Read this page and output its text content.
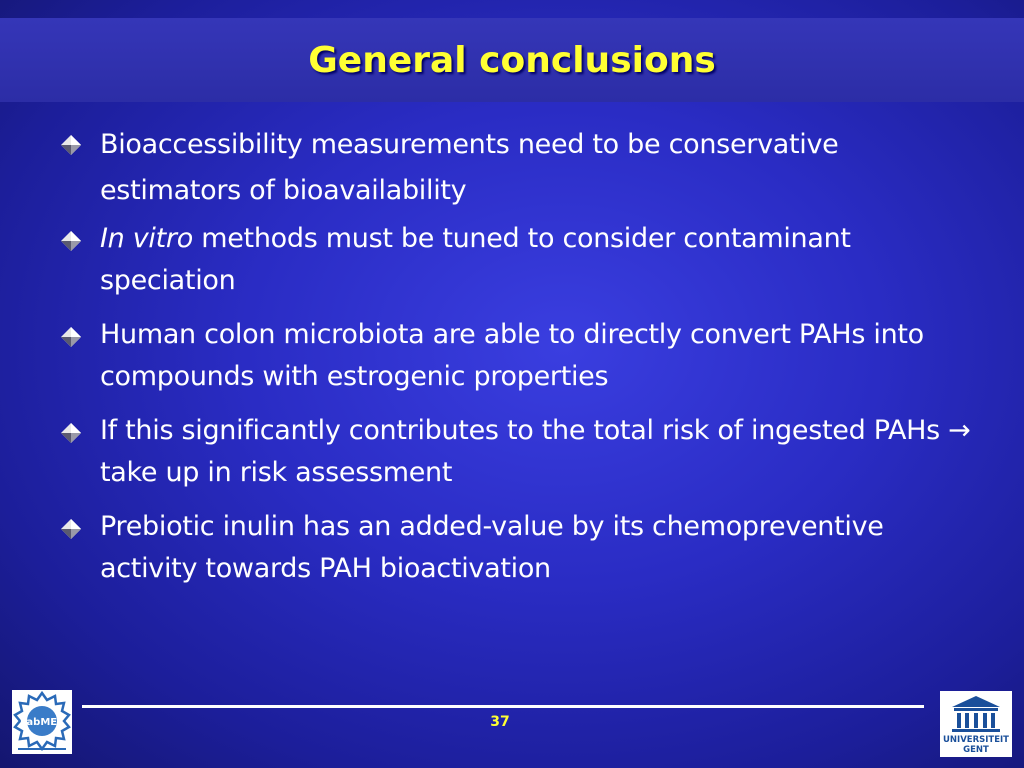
General conclusions
Bioaccessibility measurements need to be conservative estimators of bioavailability
In vitro methods must be tuned to consider contaminant speciation
Human colon microbiota are able to directly convert PAHs into compounds with estrogenic properties
If this significantly contributes to the total risk of ingested PAHs → take up in risk assessment
Prebiotic inulin has an added-value by its chemopreventive activity towards PAH bioactivation
37
LabMET
UNIVERSITEIT
GENT
